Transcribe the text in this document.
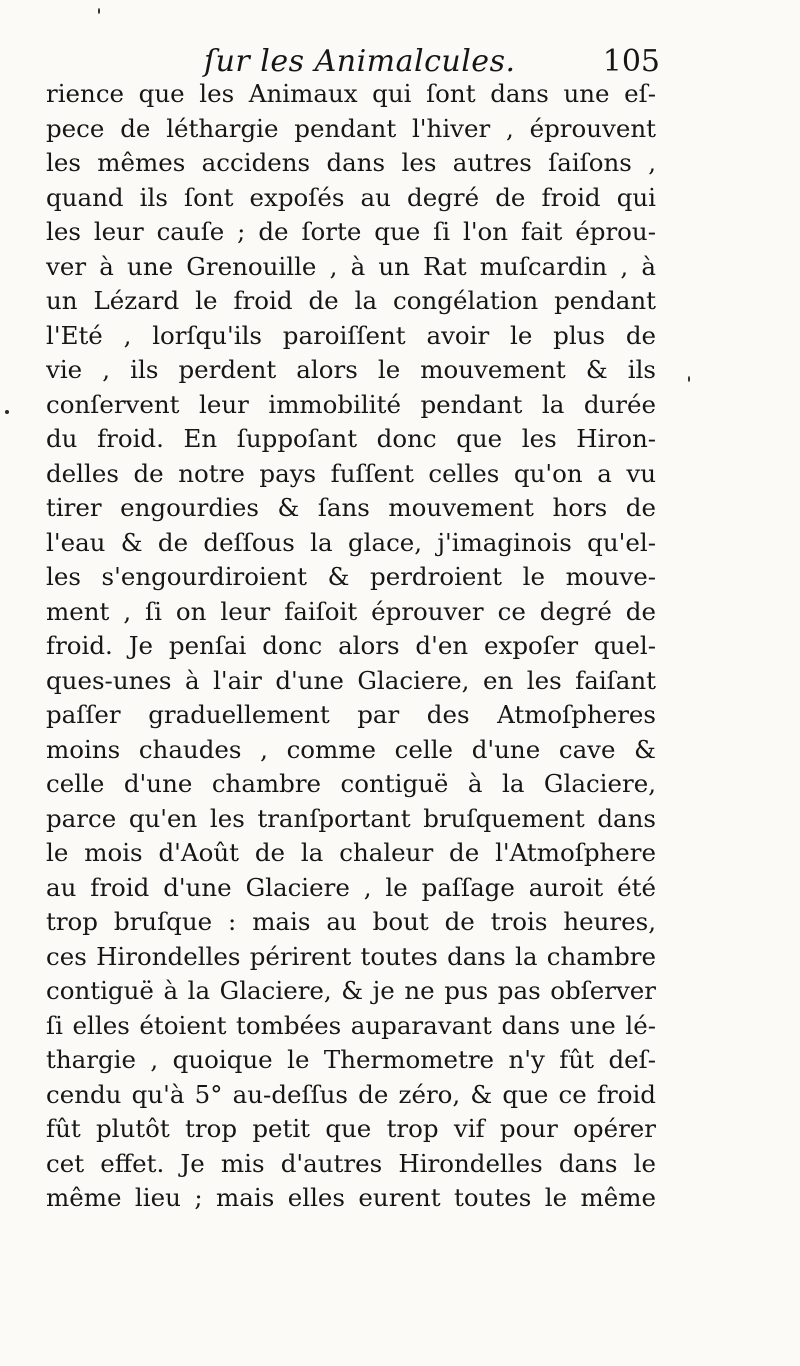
ſur les Animalcules.	105
rience que les Animaux qui ſont dans une eſ-
pece de léthargie pendant l'hiver , éprouvent
les mêmes accidens dans les autres ſaiſons ,
quand ils ſont expoſés au degré de froid qui
les leur cauſe ; de ſorte que ſi l'on fait éprou-
ver à une Grenouille , à un Rat muſcardin , à
un Lézard le froid de la congélation pendant
l'Eté , lorſqu'ils paroiſſent avoir le plus de
vie , ils perdent alors le mouvement & ils
conſervent leur immobilité pendant la durée
du froid. En ſuppoſant donc que les Hiron-
delles de notre pays fuſſent celles qu'on a vu
tirer engourdies & ſans mouvement hors de
l'eau & de deſſous la glace, j'imaginois qu'el-
les s'engourdiroient & perdroient le mouve-
ment , ſi on leur faiſoit éprouver ce degré de
froid. Je penſai donc alors d'en expoſer quel-
ques-unes à l'air d'une Glaciere, en les faiſant
paſſer graduellement par des Atmoſpheres
moins chaudes , comme celle d'une cave &
celle d'une chambre contiguë à la Glaciere,
parce qu'en les tranſportant bruſquement dans
le mois d'Août de la chaleur de l'Atmoſphere
au froid d'une Glaciere , le paſſage auroit été
trop bruſque : mais au bout de trois heures,
ces Hirondelles périrent toutes dans la chambre
contiguë à la Glaciere, & je ne pus pas obſerver
ſi elles étoient tombées auparavant dans une lé-
thargie , quoique le Thermometre n'y fût deſ-
cendu qu'à 5° au-deſſus de zéro, & que ce froid
fût plutôt trop petit que trop vif pour opérer
cet effet. Je mis d'autres Hirondelles dans le
même lieu ; mais elles eurent toutes le même
